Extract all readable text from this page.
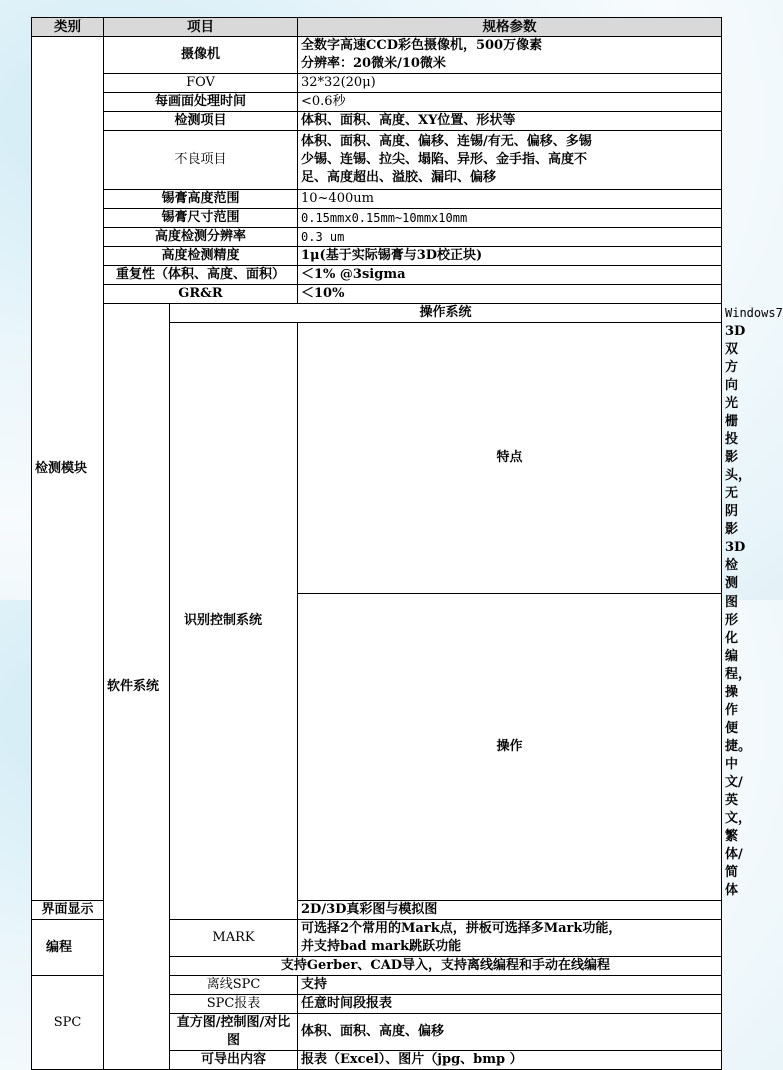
类别	项目		规格参数	
检测模块	摄像机		全数字高速CCD彩色摄像机，500万像素
分辨率：20微米/10微米	

	FOV		32*32(20μ)	
	每画面处理时间		<0.6秒	
	检测项目		体积、面积、高度、XY位置、形状等	
	不良项目		体积、面积、高度、偏移、连锡/有无、偏移、多锡
少锡、连锡、拉尖、塌陷、异形、金手指、高度不
足、高度超出、溢胶、漏印、偏移	

	锡膏高度范围		10~400um	
	锡膏尺寸范围		0.15mmx0.15mm~10mmx10mm	
	高度检测分辨率		0.3 um	
	高度检测精度		1μ(基于实际锡膏与3D校正块)	
	重复性（体积、高度、面积）		＜1% @3sigma	
	GR&R		＜10%	
	软件系统	操作系统		Windows7
		识别控制系统	特点	3D双方向光栅投影头，无阴影3D检测
			操作	图形化编程，操作便捷。中文/英文，繁体/简体
界面显示			2D/3D真彩图与模拟图	
编程		MARK	可选择2个常用的Mark点，拼板可选择多Mark功能，
并支持bad mark跳跃功能	

		支持Gerber、CAD导入，支持离线编程和手动在线编程		
SPC		离线SPC	支持	
		SPC报表	任意时间段报表	
		直方图/控制图/对比图	体积、面积、高度、偏移	
		可导出内容	报表（Excel）、图片（jpg、bmp ）	
